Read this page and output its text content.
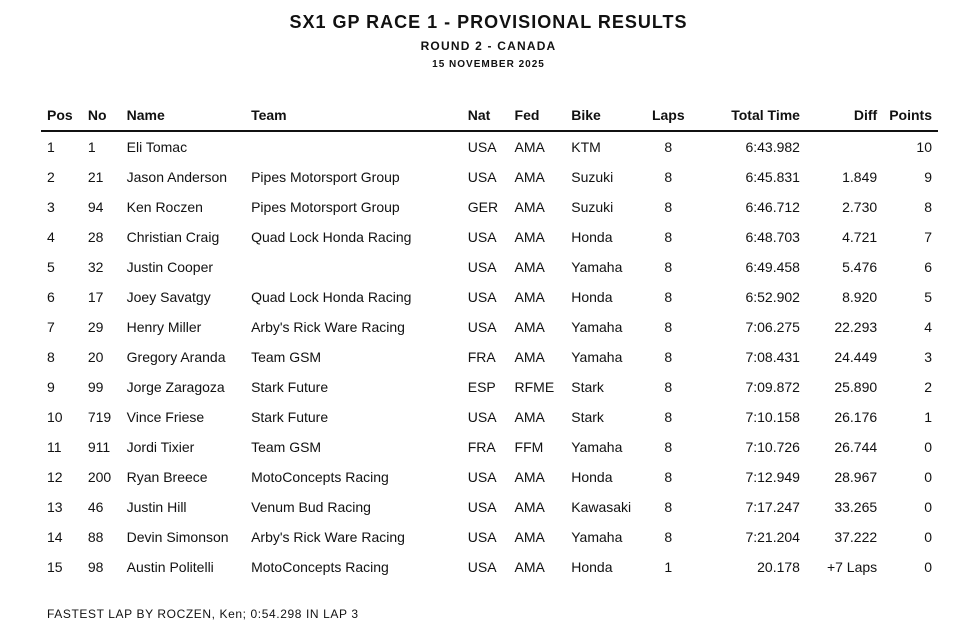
SX1 GP RACE 1 - PROVISIONAL RESULTS
ROUND 2 - CANADA
15 NOVEMBER 2025
Pos	No	Name	Team	Nat	Fed	Bike	Laps	Total Time	Diff	Points
1	1	Eli Tomac		USA	AMA	KTM	8	6:43.982		10
2	21	Jason Anderson	Pipes Motorsport Group	USA	AMA	Suzuki	8	6:45.831	1.849	9
3	94	Ken Roczen	Pipes Motorsport Group	GER	AMA	Suzuki	8	6:46.712	2.730	8
4	28	Christian Craig	Quad Lock Honda Racing	USA	AMA	Honda	8	6:48.703	4.721	7
5	32	Justin Cooper		USA	AMA	Yamaha	8	6:49.458	5.476	6
6	17	Joey Savatgy	Quad Lock Honda Racing	USA	AMA	Honda	8	6:52.902	8.920	5
7	29	Henry Miller	Arby's Rick Ware Racing	USA	AMA	Yamaha	8	7:06.275	22.293	4
8	20	Gregory Aranda	Team GSM	FRA	AMA	Yamaha	8	7:08.431	24.449	3
9	99	Jorge Zaragoza	Stark Future	ESP	RFME	Stark	8	7:09.872	25.890	2
10	719	Vince Friese	Stark Future	USA	AMA	Stark	8	7:10.158	26.176	1
11	911	Jordi Tixier	Team GSM	FRA	FFM	Yamaha	8	7:10.726	26.744	0
12	200	Ryan Breece	MotoConcepts Racing	USA	AMA	Honda	8	7:12.949	28.967	0
13	46	Justin Hill	Venum Bud Racing	USA	AMA	Kawasaki	8	7:17.247	33.265	0
14	88	Devin Simonson	Arby's Rick Ware Racing	USA	AMA	Yamaha	8	7:21.204	37.222	0
15	98	Austin Politelli	MotoConcepts Racing	USA	AMA	Honda	1	20.178	+7 Laps	0
FASTEST LAP BY ROCZEN, Ken; 0:54.298 IN LAP 3
